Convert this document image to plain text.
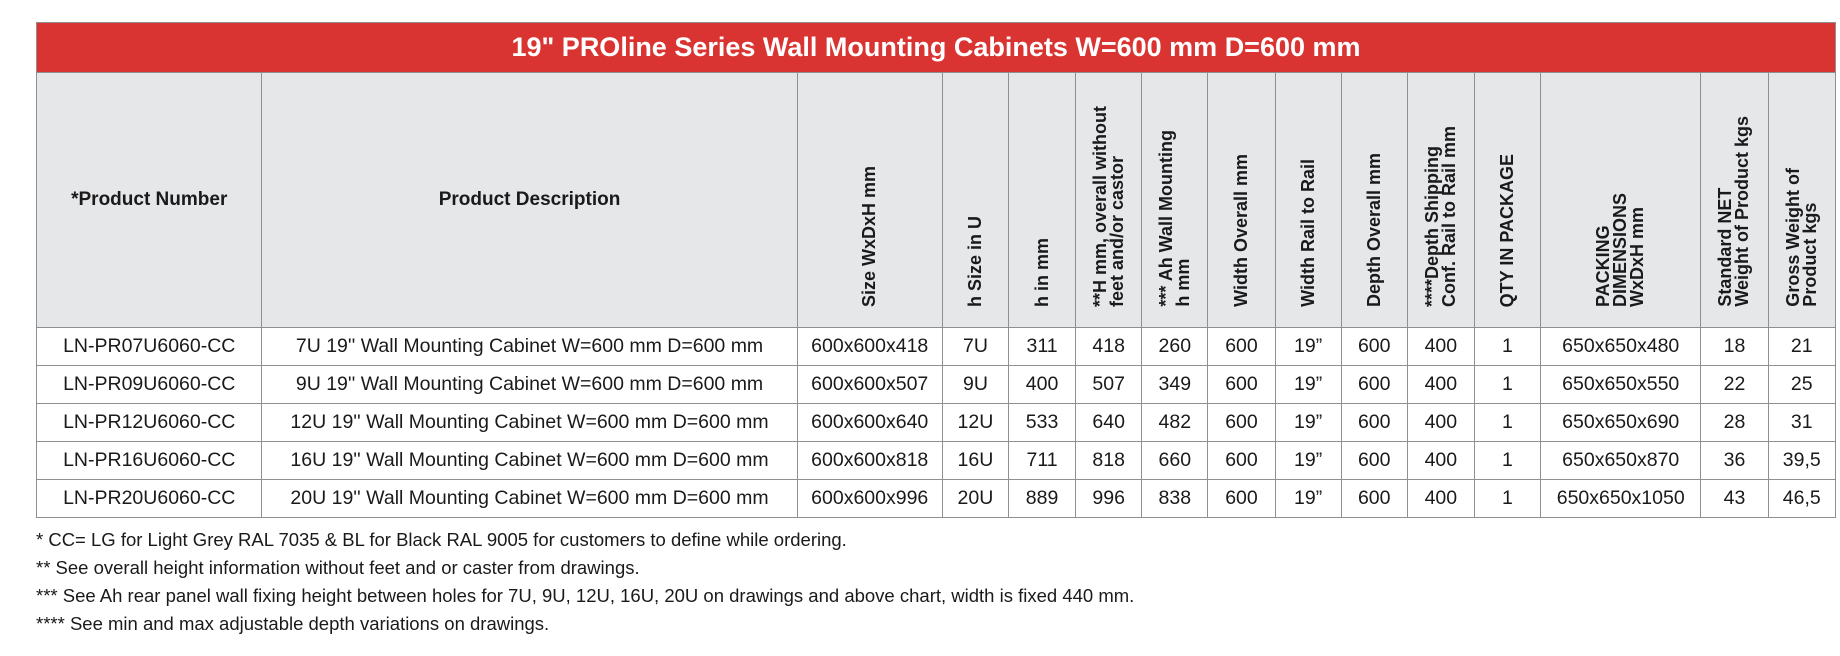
19" PROline Series Wall Mounting Cabinets W=600 mm D=600 mm														
*Product Number	Product Description	Size WxDxH mm	h Size in U	h in mm	**H mm, overall without
feet and/or castor	*** Ah Wall Mounting
h mm	Width Overall mm	Width Rail to Rail	Depth Overall mm	****Depth Shipping
Conf. Rail to Rail mm	QTY IN PACKAGE	PACKING
DIMENSIONS
WxDxH mm	Standard NET
Weight of Product kgs	Gross Weight of
Product kgs
LN-PR07U6060-CC	7U 19'' Wall Mounting Cabinet W=600 mm D=600 mm	600x600x418	7U	311	418	260	600	19”	600	400	1	650x650x480	18	21
LN-PR09U6060-CC	9U 19'' Wall Mounting Cabinet W=600 mm D=600 mm	600x600x507	9U	400	507	349	600	19”	600	400	1	650x650x550	22	25
LN-PR12U6060-CC	12U 19'' Wall Mounting Cabinet W=600 mm D=600 mm	600x600x640	12U	533	640	482	600	19”	600	400	1	650x650x690	28	31
LN-PR16U6060-CC	16U 19'' Wall Mounting Cabinet W=600 mm D=600 mm	600x600x818	16U	711	818	660	600	19”	600	400	1	650x650x870	36	39,5
LN-PR20U6060-CC	20U 19'' Wall Mounting Cabinet W=600 mm D=600 mm	600x600x996	20U	889	996	838	600	19”	600	400	1	650x650x1050	43	46,5
* CC= LG for Light Grey RAL 7035 & BL for Black RAL 9005 for customers to define while ordering.
** See overall height information without feet and or caster from drawings.
*** See Ah rear panel wall fixing height between holes for 7U, 9U, 12U, 16U, 20U on drawings and above chart, width is fixed 440 mm.
**** See min and max adjustable depth variations on drawings.
